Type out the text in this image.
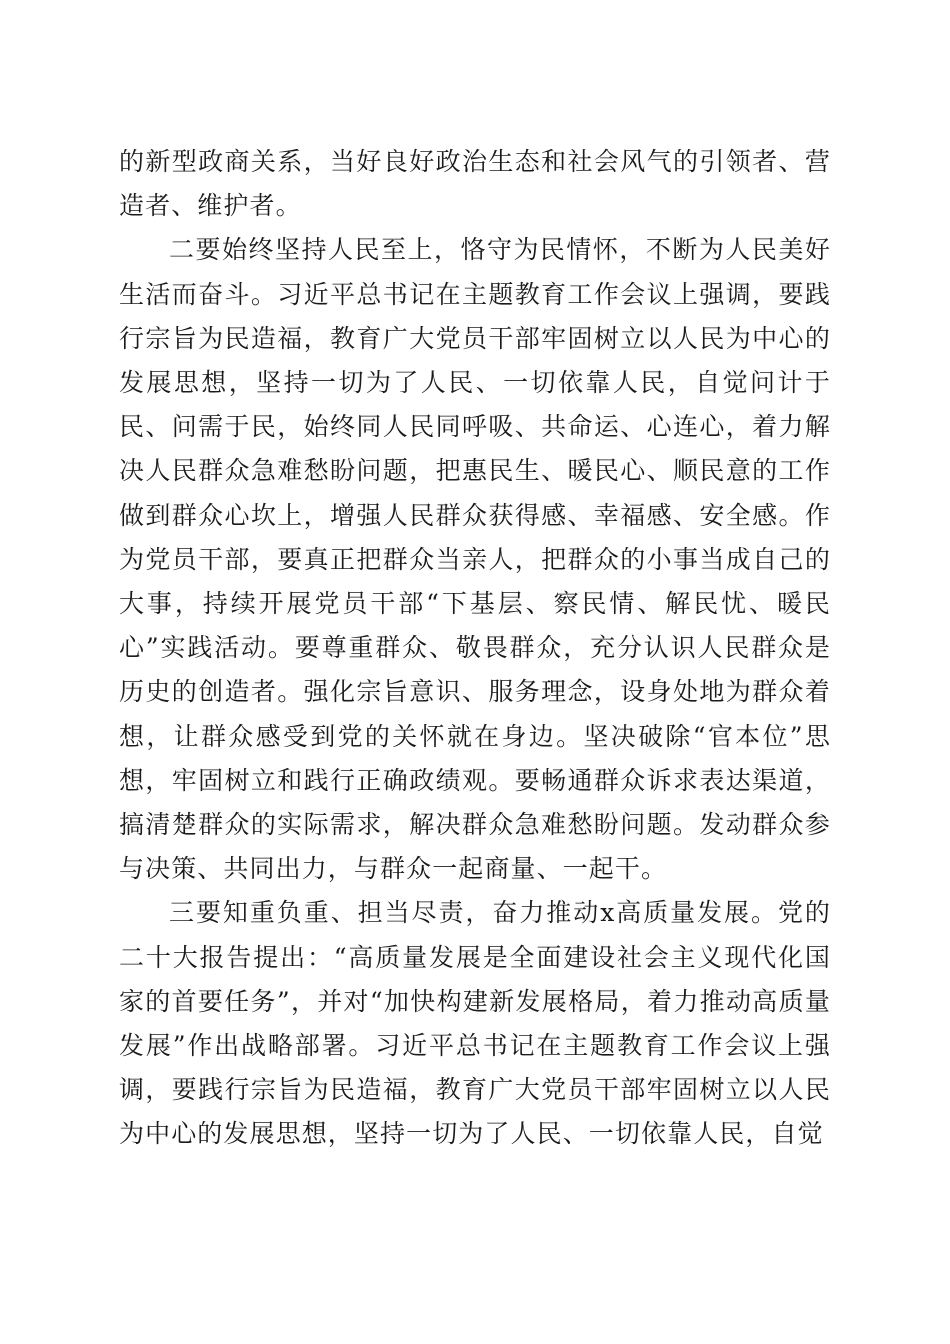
的新型政商关系，当好良好政治生态和社会风气的引领者、营造者、维护者。

二要始终坚持人民至上，恪守为民情怀，不断为人民美好生活而奋斗。习近平总书记在主题教育工作会议上强调，要践行宗旨为民造福，教育广大党员干部牢固树立以人民为中心的发展思想，坚持一切为了人民、一切依靠人民，自觉问计于民、问需于民，始终同人民同呼吸、共命运、心连心，着力解决人民群众急难愁盼问题，把惠民生、暖民心、顺民意的工作做到群众心坎上，增强人民群众获得感、幸福感、安全感。作为党员干部，要真正把群众当亲人，把群众的小事当成自己的大事，持续开展党员干部“下基层、察民情、解民忧、暖民心”实践活动。要尊重群众、敬畏群众，充分认识人民群众是历史的创造者。强化宗旨意识、服务理念，设身处地为群众着想，让群众感受到党的关怀就在身边。坚决破除“官本位”思想，牢固树立和践行正确政绩观。要畅通群众诉求表达渠道，搞清楚群众的实际需求，解决群众急难愁盼问题。发动群众参与决策、共同出力，与群众一起商量、一起干。

三要知重负重、担当尽责，奋力推动x高质量发展。党的二十大报告提出：“高质量发展是全面建设社会主义现代化国家的首要任务”，并对“加快构建新发展格局，着力推动高质量发展”作出战略部署。习近平总书记在主题教育工作会议上强调，要践行宗旨为民造福，教育广大党员干部牢固树立以人民为中心的发展思想，坚持一切为了人民、一切依靠人民，自觉
